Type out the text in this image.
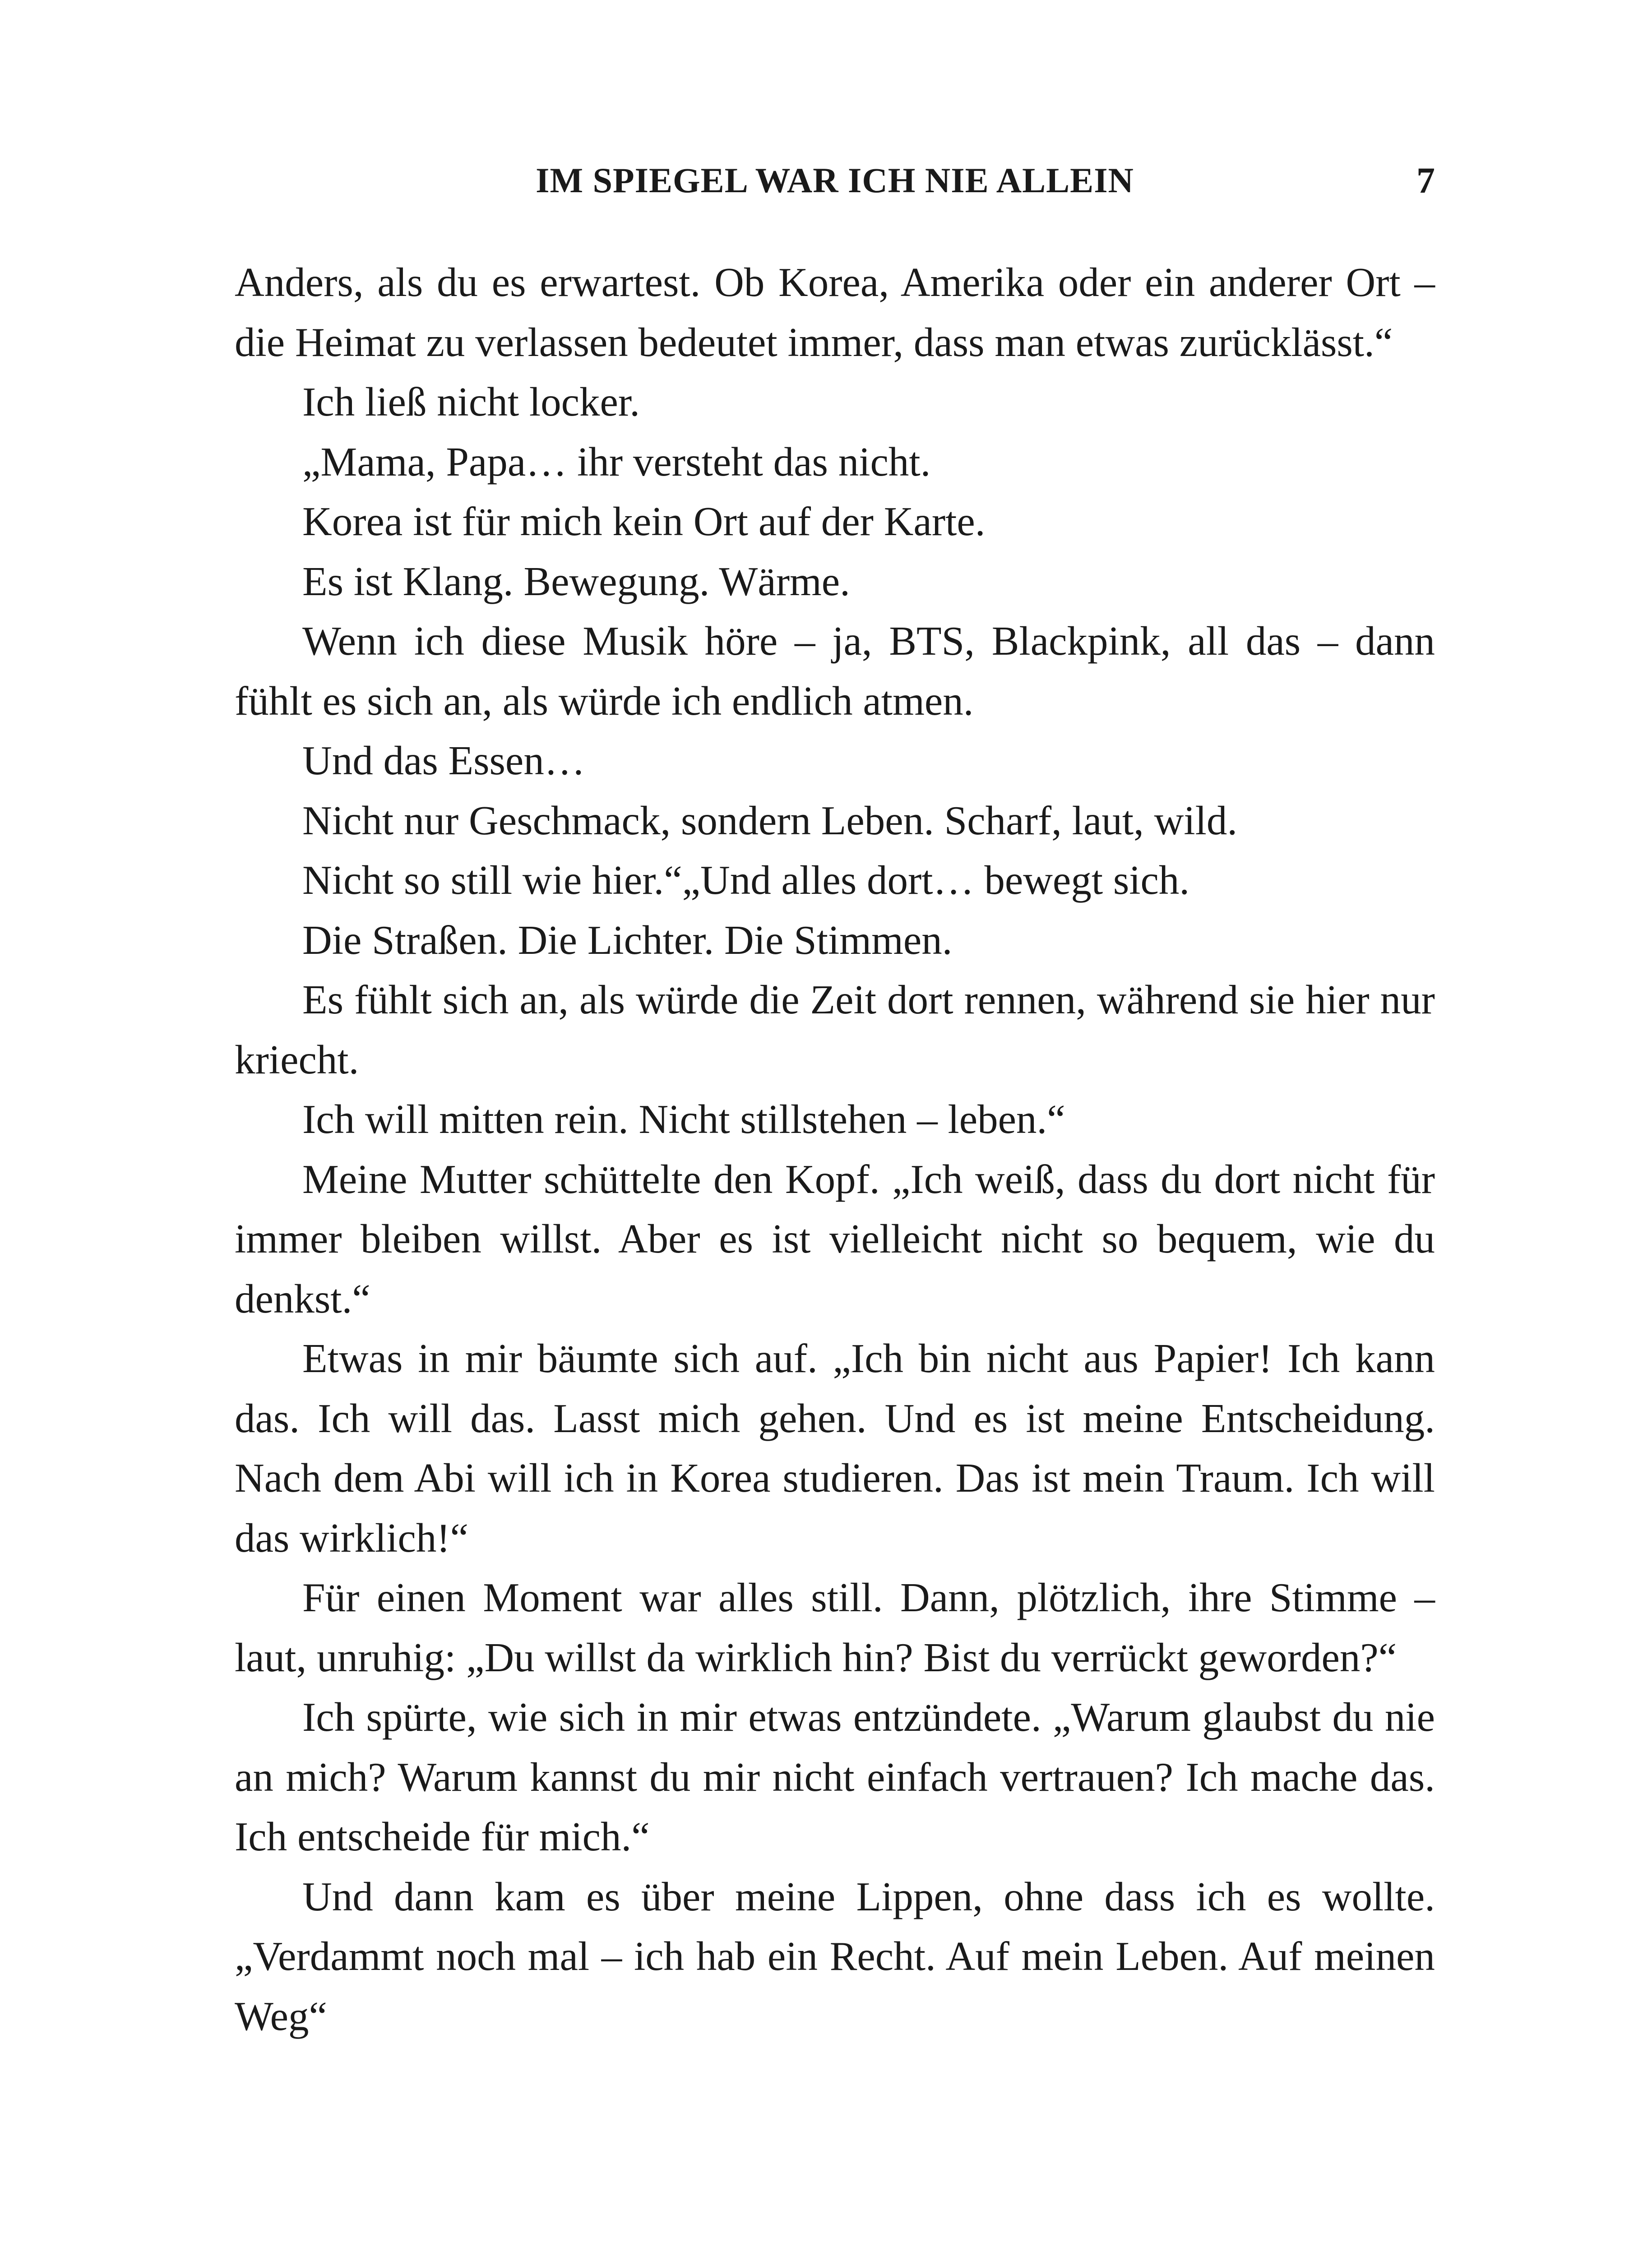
IM SPIEGEL WAR ICH NIE ALLEIN	7

Anders, als du es erwartest. Ob Korea, Amerika oder ein anderer Ort – die Heimat zu verlassen bedeutet immer, dass man etwas zurücklässt.“

Ich ließ nicht locker.

„Mama, Papa… ihr versteht das nicht.

Korea ist für mich kein Ort auf der Karte.

Es ist Klang. Bewegung. Wärme.

Wenn ich diese Musik höre – ja, BTS, Blackpink, all das – dann fühlt es sich an, als würde ich endlich atmen.

Und das Essen…

Nicht nur Geschmack, sondern Leben. Scharf, laut, wild.

Nicht so still wie hier.“„Und alles dort… bewegt sich.

Die Straßen. Die Lichter. Die Stimmen.

Es fühlt sich an, als würde die Zeit dort rennen, während sie hier nur kriecht.

Ich will mitten rein. Nicht stillstehen – leben.“

Meine Mutter schüttelte den Kopf. „Ich weiß, dass du dort nicht für immer bleiben willst. Aber es ist vielleicht nicht so bequem, wie du denkst.“

Etwas in mir bäumte sich auf. „Ich bin nicht aus Papier! Ich kann das. Ich will das. Lasst mich gehen. Und es ist meine Entscheidung. Nach dem Abi will ich in Korea studieren. Das ist mein Traum. Ich will das wirklich!“

Für einen Moment war alles still. Dann, plötzlich, ihre Stimme – laut, unruhig: „Du willst da wirklich hin? Bist du verrückt geworden?“

Ich spürte, wie sich in mir etwas entzündete. „Warum glaubst du nie an mich? Warum kannst du mir nicht einfach vertrauen? Ich mache das. Ich entscheide für mich.“

Und dann kam es über meine Lippen, ohne dass ich es wollte. „Verdammt noch mal – ich hab ein Recht. Auf mein Leben. Auf meinen Weg“
